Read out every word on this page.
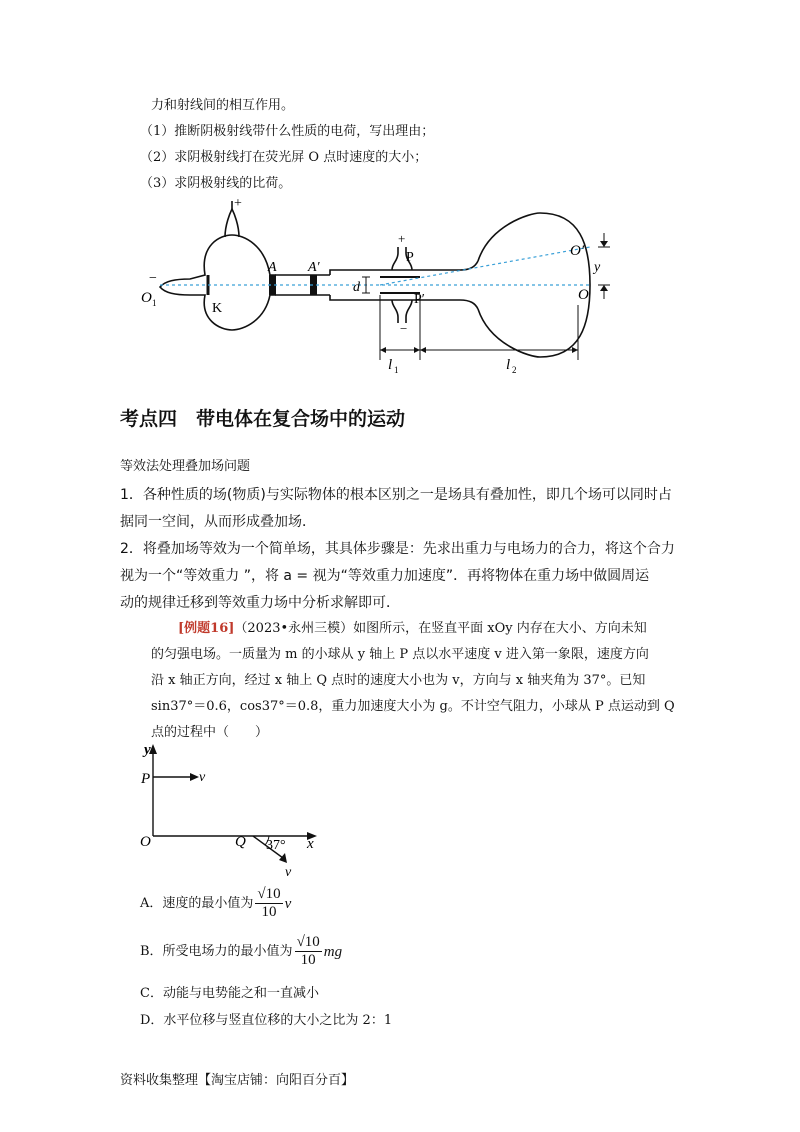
力和射线间的相互作用。
（1）推断阴极射线带什么性质的电荷，写出理由；
（2）求阴极射线打在荧光屏 O 点时速度的大小；
（3）求阴极射线的比荷。
+
−
O 1	K
A A′
d
+
P
P′
−
O′
y
O
l 1	l 2
考点四　带电体在复合场中的运动
等效法处理叠加场问题
1．各种性质的场(物质)与实际物体的根本区别之一是场具有叠加性，即几个场可以同时占
据同一空间，从而形成叠加场．
2．将叠加场等效为一个简单场，其具体步骤是：先求出重力与电场力的合力，将这个合力
视为一个“等效重力 ”，将 a = 视为“等效重力加速度”．再将物体在重力场中做圆周运
动的规律迁移到等效重力场中分析求解即可．
[例题16]（2023•永州三模）如图所示，在竖直平面 xOy 内存在大小、方向未知
的匀强电场。一质量为 m 的小球从 y 轴上 P 点以水平速度 v 进入第一象限，速度方向
沿 x 轴正方向，经过 x 轴上 Q 点时的速度大小也为 v，方向与 x 轴夹角为 37°。已知
sin37°＝0.6，cos37°＝0.8，重力加速度大小为 g。不计空气阻力，小球从 P 点运动到 Q
点的过程中（　　）
y
P	v
O	Q 37° x
v
A．速度的最小值为 $\frac{√10}{10}$ v
B．所受电场力的最小值为 $\frac{√10}{10}$ mg
C．动能与电势能之和一直减小
D．水平位移与竖直位移的大小之比为 2：1
资料收集整理【淘宝店铺：向阳百分百】
